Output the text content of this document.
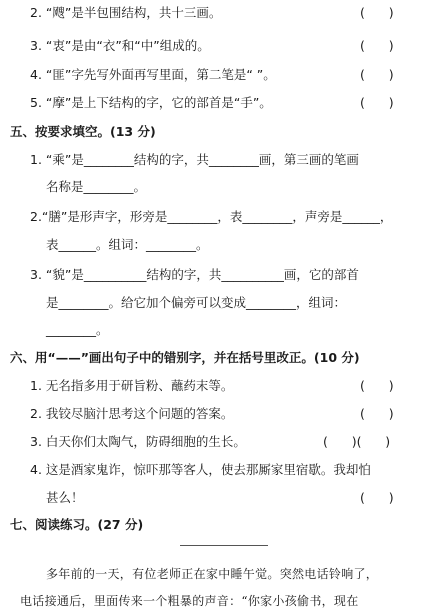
2. “飕”是半包围结构，共十三画。	(      )
3. “衷”是由“衣”和“中”组成的。	(      )
4. “匪”字先写外面再写里面，第二笔是“ ”。	(      )
5. “摩”是上下结构的字，它的部首是“手”。	(      )
五、按要求填空。(13 分)
1. “乘”是________结构的字，共________画，第三画的笔画
名称是________。
2.“膳”是形声字，形旁是________，表________，声旁是______，
表______。组词：________。
3. “貌”是__________结构的字，共__________画，它的部首
是________。给它加个偏旁可以变成________，组词：
________。
六、用“——”画出句子中的错别字，并在括号里改正。(10 分)
1. 无名指多用于研旨粉、蘸药末等。	(      )
2. 我铰尽脑汁思考这个问题的答案。	(      )
3. 白天你们太陶气，防碍细胞的生长。	(      )(      )
4. 这是酒家鬼诈，惊吓那等客人，使去那厮家里宿歇。我却怕
甚么！	(      )
七、阅读练习。(27 分)
多年前的一天，有位老师正在家中睡午觉。突然电话铃响了，
电话接通后，里面传来一个粗暴的声音：“你家小孩偷书，现在
